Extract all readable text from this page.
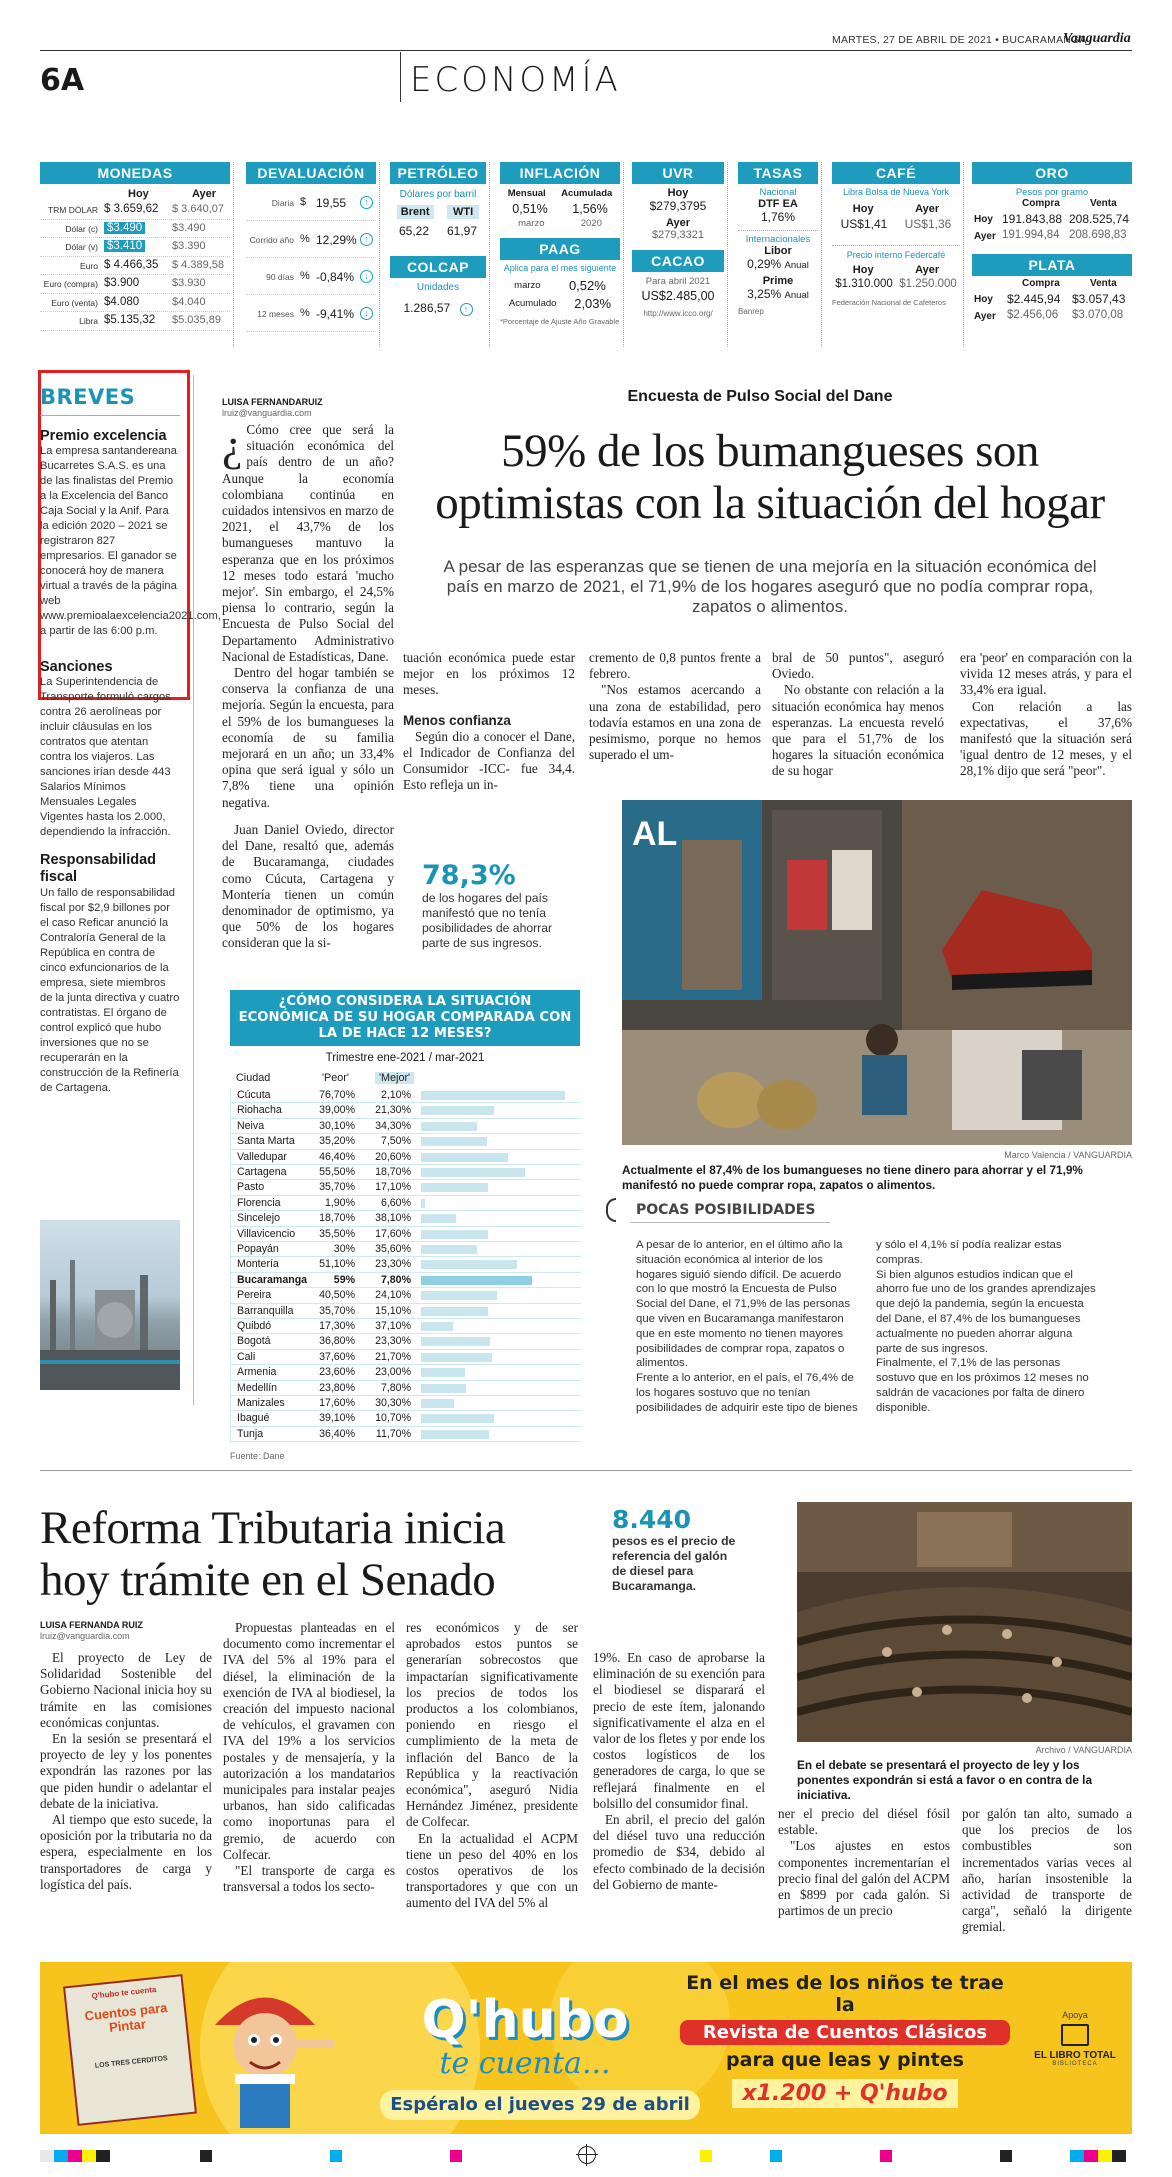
MARTES, 27 DE ABRIL DE 2021 • BUCARAMANGA
Vanguardia
6A	ECONOMÍA
MONEDAS
Hoy	Ayer
TRM DÓLAR $ 3.659,62 $ 3.640,07
Dólar (c) $3.490	$3.490
Dólar (v) $3.410	$3.390
Euro $ 4.466,35 $ 4.389,58
Euro (compra) $3.900	$3.930
Euro (venta) $4.080	$4.040
Libra $5.135,32 $5.035,89
DEVALUACIÓN
Diaria $ 19,55	↑
Corrido año % 12,29% ↑
90 días % -0,84%	↓
12 meses % -9,41%	↓
PETRÓLEO
Dólares por barril
Brent	WTI
65,22 61,97
COLCAP
Unidades
1.286,57 ↑
INFLACIÓN
Mensual Acumulada
0,51% 1,56%
marzo	2020
PAAG
Aplica para el mes siguiente
marzo 0,52%
Acumulado 2,03%
*Porcentaje de Ajuste Año Gravable
UVR
Hoy
$279,3795
Ayer
$279,3321
CACAO
Para abril 2021
US$2.485,00
http://www.icco.org/
TASAS
Nacional
DTF EA
1,76%
Internacionales
Libor
0,29% Anual
Prime
3,25% Anual
Banrep
CAFÉ
Libra Bolsa de Nueva York
Hoy	Ayer
US$1,41 US$1,36
Precio interno Federcafé
Hoy	Ayer
$1.310.000 $1.250.000
Federación Nacional de Cafeteros
ORO
Pesos por gramo
Compra	Venta
Hoy 191.843,88 208.525,74
Ayer 191.994,84 208.698,83
PLATA
Compra	Venta
Hoy $2.445,94 $3.057,43
Ayer $2.456,06 $3.070,08
BREVES
Premio excelencia
La empresa santandereana Bucarretes S.A.S. es una de las finalistas del Premio a la Excelencia del Banco Caja Social y la Anif. Para la edición 2020 – 2021 se registraron 827 empresarios. El ganador se conocerá hoy de manera virtual a través de la página web www.premioalaexcelencia2021.com, a partir de las 6:00 p.m.
Sanciones
La Superintendencia de Transporte formuló cargos contra 26 aerolíneas por incluir cláusulas en los contratos que atentan contra los viajeros. Las sanciones irían desde 443 Salarios Mínimos Mensuales Legales Vigentes hasta los 2.000, dependiendo la infracción.
Responsabilidad fiscal
Un fallo de responsabilidad fiscal por $2,9 billones por el caso Reficar anunció la Contraloría General de la República en contra de cinco exfuncionarios de la empresa, siete miembros de la junta directiva y cuatro contratistas. El órgano de control explicó que hubo inversiones que no se recuperarán en la construcción de la Refinería de Cartagena.
LUISA FERNANDARUIZ
lruiz@vanguardia.com
Encuesta de Pulso Social del Dane
59% de los bumangueses son
optimistas con la situación del hogar
A pesar de las esperanzas que se tienen de una mejoría en la situación económica del país en marzo de 2021, el 71,9% de los hogares aseguró que no podía comprar ropa, zapatos o alimentos.

¿ Cómo cree que será la situación económica del país dentro de un año? Aunque la economía colombiana continúa en cuidados intensivos en marzo de 2021, el 43,7% de los bumangueses mantuvo la esperanza que en los próximos 12 meses todo estará 'mucho mejor'. Sin embargo, el 24,5% piensa lo contrario, según la Encuesta de Pulso Social del Departamento Administrativo Nacional de Estadísticas, Dane.

Dentro del hogar también se conserva la confianza de una mejoría. Según la encuesta, para el 59% de los bumangueses la economía de su familia mejorará en un año; un 33,4% opina que será igual y sólo un 7,8% tiene una opinión negativa.

Juan Daniel Oviedo, director del Dane, resaltó que, además de Bucaramanga, ciudades como Cúcuta, Cartagena y Montería tienen un común denominador de optimismo, ya que 50% de los hogares consideran que la si-

tuación económica puede estar mejor en los próximos 12 meses.

Menos confianza

Según dio a conocer el Dane, el Indicador de Confianza del Consumidor -ICC- fue 34,4. Esto refleja un in-

cremento de 0,8 puntos frente a febrero.

"Nos estamos acercando a una zona de estabilidad, pero todavía estamos en una zona de pesimismo, porque no hemos superado el um-

bral de 50 puntos", aseguró Oviedo.

No obstante con relación a la situación económica hay menos esperanzas. La encuesta reveló que para el 51,7% de los hogares la situación económica de su hogar

era 'peor' en comparación con la vivida 12 meses atrás, y para el 33,4% era igual.

Con relación a las expectativas, el 37,6% manifestó que la situación será 'igual dentro de 12 meses, y el 28,1% dijo que será "peor".

78,3%
de los hogares del país manifestó que no tenía posibilidades de ahorrar parte de sus ingresos.
¿CÓMO CONSIDERA LA SITUACIÓN ECONÓMICA DE SU HOGAR COMPARADA CON LA DE HACE 12 MESES?
Trimestre ene-2021 / mar-2021
Ciudad	'Peor'	'Mejor'
Cúcuta	76,70%	2,10%
Riohacha	39,00%	21,30%
Neiva	30,10%	34,30%
Santa Marta	35,20%	7,50%
Valledupar	46,40%	20,60%
Cartagena	55,50%	18,70%
Pasto	35,70%	17,10%
Florencia	1,90%	6,60%
Sincelejo	18,70%	38,10%
Villavicencio	35,50%	17,60%
Popayán	30%	35,60%
Montería	51,10%	23,30%
Bucaramanga	59%	7,80%
Pereira	40,50%	24,10%
Barranquilla	35,70%	15,10%
Quibdó	17,30%	37,10%
Bogotá	36,80%	23,30%
Cali	37,60%	21,70%
Armenia	23,60%	23,00%
Medellín	23,80%	7,80%
Manizales	17,60%	30,30%
Ibagué	39,10%	10,70%
Tunja	36,40%	11,70%
Fuente: Dane
AL
Marco Valencia / VANGUARDIA
Actualmente el 87,4% de los bumangueses no tiene dinero para ahorrar y el 71,9% manifestó no puede comprar ropa, zapatos o alimentos.
POCAS POSIBILIDADES

A pesar de lo anterior, en el último año la situación económica al interior de los hogares siguió siendo difícil. De acuerdo con lo que mostró la Encuesta de Pulso Social del Dane, el 71,9% de las personas que viven en Bucaramanga manifestaron que en este momento no tienen mayores posibilidades de comprar ropa, zapatos o alimentos.

Frente a lo anterior, en el país, el 76,4% de los hogares sostuvo que no tenían posibilidades de adquirir este tipo de bienes

y sólo el 4,1% sí podía realizar estas compras.

Si bien algunos estudios indican que el ahorro fue uno de los grandes aprendizajes que dejó la pandemia, según la encuesta del Dane, el 87,4% de los bumangueses actualmente no pueden ahorrar alguna parte de sus ingresos.

Finalmente, el 7,1% de las personas sostuvo que en los próximos 12 meses no saldrán de vacaciones por falta de dinero disponible.

Reforma Tributaria inicia
hoy trámite en el Senado
LUISA FERNANDA RUIZ
lruiz@vanguardia.com
8.440
pesos es el precio de referencia del galón de diesel para Bucaramanga.

El proyecto de Ley de Solidaridad Sostenible del Gobierno Nacional inicia hoy su trámite en las comisiones económicas conjuntas.

En la sesión se presentará el proyecto de ley y los ponentes expondrán las razones por las que piden hundir o adelantar el debate de la iniciativa.

Al tiempo que esto sucede, la oposición por la tributaria no da espera, especialmente en los transportadores de carga y logística del país.

Propuestas planteadas en el documento como incrementar el IVA del 5% al 19% para el diésel, la eliminación de la exención de IVA al biodiesel, la creación del impuesto nacional de vehículos, el gravamen con IVA del 19% a los servicios postales y de mensajería, y la autorización a los mandatarios municipales para instalar peajes urbanos, han sido calificadas como inoportunas para el gremio, de acuerdo con Colfecar.

"El transporte de carga es transversal a todos los secto-

res económicos y de ser aprobados estos puntos se generarían sobrecostos que impactarían significativamente los precios de todos los productos a los colombianos, poniendo en riesgo el cumplimiento de la meta de inflación del Banco de la República y la reactivación económica", aseguró Nidia Hernández Jiménez, presidente de Colfecar.

En la actualidad el ACPM tiene un peso del 40% en los costos operativos de los transportadores y que con un aumento del IVA del 5% al

19%. En caso de aprobarse la eliminación de su exención para el biodiesel se disparará el precio de este ítem, jalonando significativamente el alza en el valor de los fletes y por ende los costos logísticos de los generadores de carga, lo que se reflejará finalmente en el bolsillo del consumidor final.

En abril, el precio del galón del diésel tuvo una reducción promedio de $34, debido al efecto combinado de la decisión del Gobierno de mante-

ner el precio del diésel fósil estable.

"Los ajustes en estos componentes incrementarían el precio final del galón del ACPM en $899 por cada galón. Si partimos de un precio

por galón tan alto, sumado a que los precios de los combustibles son incrementados varias veces al año, harían insostenible la actividad de transporte de carga", señaló la dirigente gremial.

Archivo / VANGUARDIA
En el debate se presentará el proyecto de ley y los ponentes expondrán si está a favor o en contra de la iniciativa.
Q'hubo te cuenta
Cuentos para Pintar
LOS TRES CERDITOS
Q'hubo
te cuenta...
En el mes de los niños te trae la
Revista de Cuentos Clásicos
para que leas y pintes
x1.200 + Q'hubo
Espéralo el jueves 29 de abril
Apoya
EL LIBRO TOTAL
BIBLIOTECA
